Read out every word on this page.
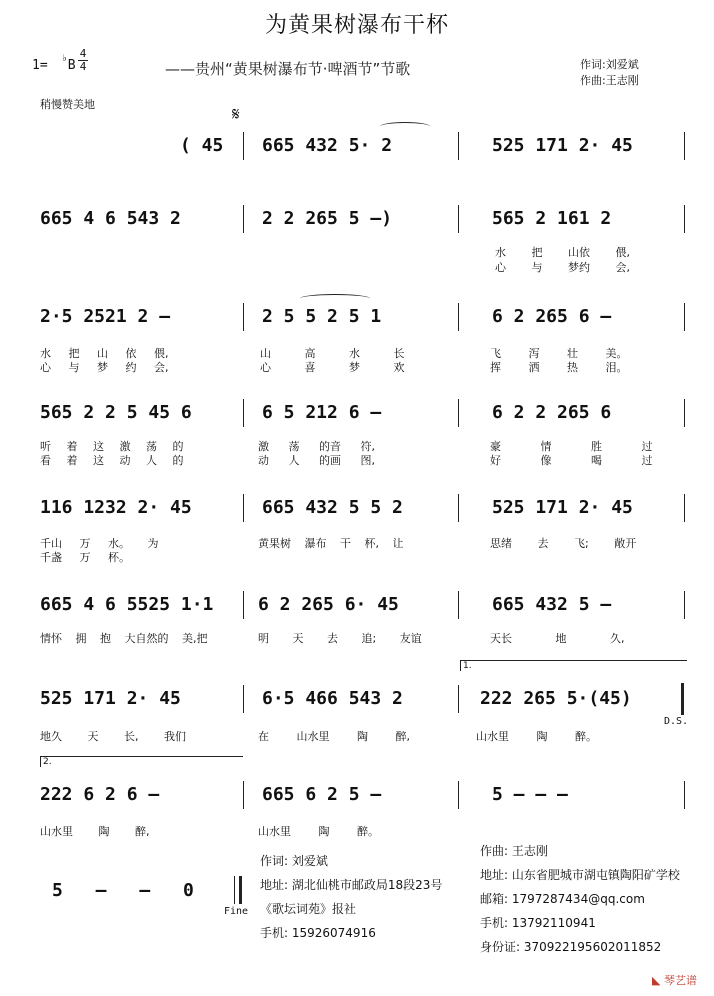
为黄果树瀑布干杯
——贵州“黄果树瀑布节·啤酒节”节歌	作词:刘爱斌
作曲:王志刚
1= ♭B
4
4
稍慢赞美地	𝄋
( 45 665 432 5· 2	525 171 2· 45
665 4 6 543 2	2 2 265 5 –)	565 2 161 2
水 把 山依 偎,
心 与 梦约 会,
2·5 2521 2 –	2 5 5 2 5 1	6 2 265 6 –
水 把 山 依 偎,	山 高 水 长	飞 泻 壮 美。
心 与 梦 约 会,	心 喜 梦 欢	挥 洒 热 泪。
565 2 2 5 45 6	6 5 212 6 –	6 2 2 265 6
听 着 这 激 荡 的	激 荡 的音 符,	豪 情 胜 过
看 着 这 动 人 的	动 人 的画 图,	好 像 喝 过
116 1232 2· 45	665 432 5 5 2	525 171 2· 45
千山 万 水。 为	黄果树 瀑布 干 杯, 让	思绪 去 飞; 敞开
千盏 万 杯。
665 4 6 5525 1·1 6 2 265 6· 45	665 432 5 –
情怀 拥 抱 大自然的 美,把	明 天 去 追; 友谊	天长 地 久,
1.
525 171 2· 45	6·5 466 543 2	222 265 5·(45)
D.S.
地久 天 长, 我们	在 山水里 陶 醉,	山水里 陶 醉。
2.
222 6 2 6 –	665 6 2 5 –	5 – – –
山水里 陶 醉,	山水里 陶 醉。
5 – – 0
Fine
作词: 刘爱斌
地址: 湖北仙桃市邮政局18段23号
《歌坛词苑》报社
手机: 15926074916
作曲: 王志刚
地址: 山东省肥城市湖屯镇陶阳矿学校
邮箱: 1797287434@qq.com
手机: 13792110941
身份证: 370922195602011852
◣ 琴艺谱
